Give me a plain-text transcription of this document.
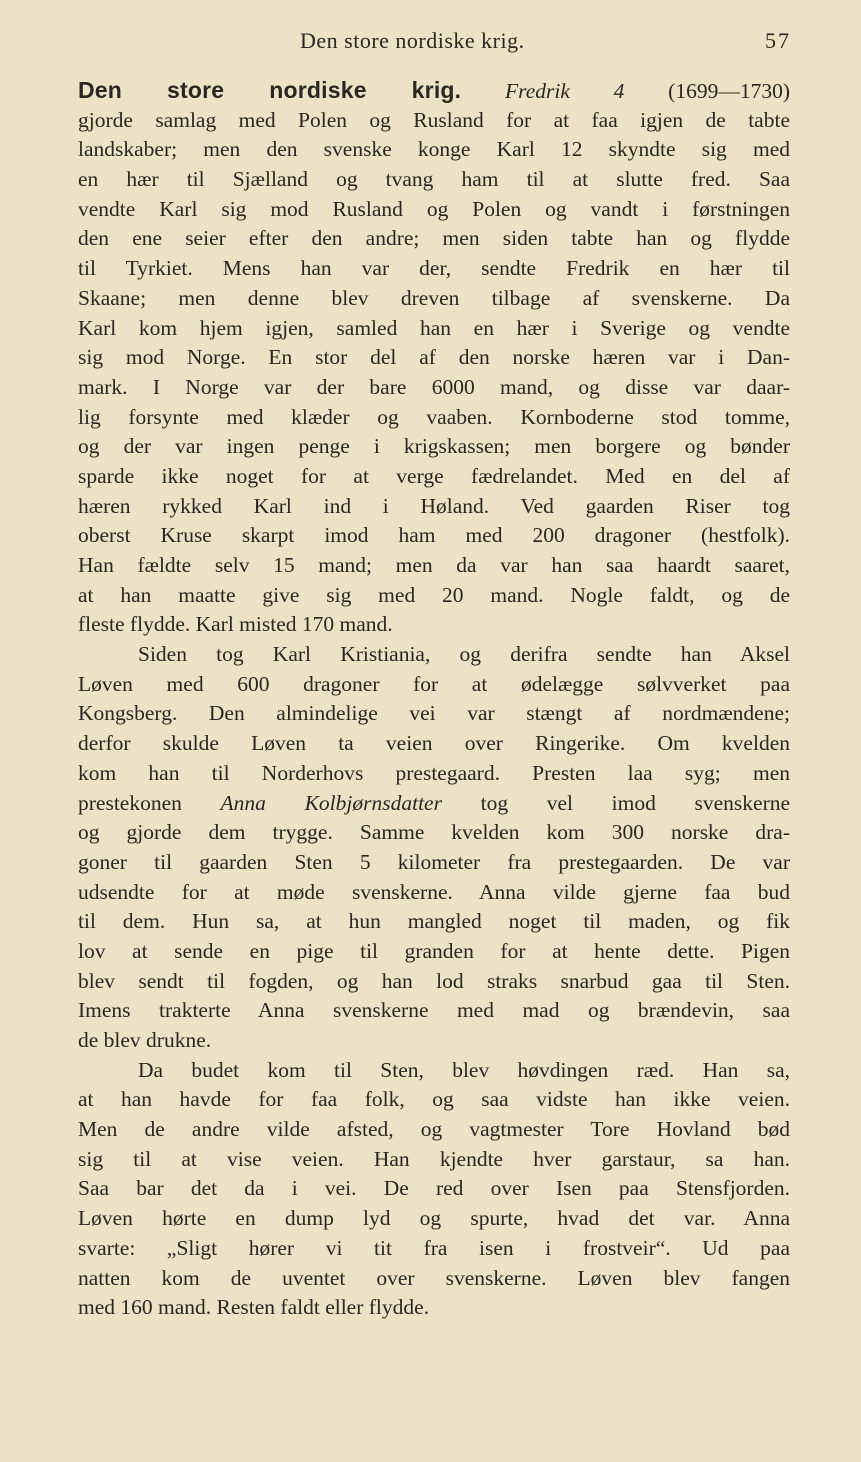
Den store nordiske krig.	57
Den store nordiske krig. Fredrik 4 (1699—1730)
gjorde samlag med Polen og Rusland for at faa igjen de tabte
landskaber; men den svenske konge Karl 12 skyndte sig med
en hær til Sjælland og tvang ham til at slutte fred. Saa
vendte Karl sig mod Rusland og Polen og vandt i førstningen
den ene seier efter den andre; men siden tabte han og flydde
til Tyrkiet. Mens han var der, sendte Fredrik en hær til
Skaane; men denne blev dreven tilbage af svenskerne. Da
Karl kom hjem igjen, samled han en hær i Sverige og vendte
sig mod Norge. En stor del af den norske hæren var i Dan-
mark. I Norge var der bare 6000 mand, og disse var daar-
lig forsynte med klæder og vaaben. Kornboderne stod tomme,
og der var ingen penge i krigskassen; men borgere og bønder
sparde ikke noget for at verge fædrelandet. Med en del af
hæren rykked Karl ind i Høland. Ved gaarden Riser tog
oberst Kruse skarpt imod ham med 200 dragoner (hestfolk).
Han fældte selv 15 mand; men da var han saa haardt saaret,
at han maatte give sig med 20 mand. Nogle faldt, og de
fleste flydde. Karl misted 170 mand.
Siden tog Karl Kristiania, og derifra sendte han Aksel
Løven med 600 dragoner for at ødelægge sølvverket paa
Kongsberg. Den almindelige vei var stængt af nordmændene;
derfor skulde Løven ta veien over Ringerike. Om kvelden
kom han til Norderhovs prestegaard. Presten laa syg; men
prestekonen Anna Kolbjørnsdatter tog vel imod svenskerne
og gjorde dem trygge. Samme kvelden kom 300 norske dra-
goner til gaarden Sten 5 kilometer fra prestegaarden. De var
udsendte for at møde svenskerne. Anna vilde gjerne faa bud
til dem. Hun sa, at hun mangled noget til maden, og fik
lov at sende en pige til granden for at hente dette. Pigen
blev sendt til fogden, og han lod straks snarbud gaa til Sten.
Imens trakterte Anna svenskerne med mad og brændevin, saa
de blev drukne.
Da budet kom til Sten, blev høvdingen ræd. Han sa,
at han havde for faa folk, og saa vidste han ikke veien.
Men de andre vilde afsted, og vagtmester Tore Hovland bød
sig til at vise veien. Han kjendte hver garstaur, sa han.
Saa bar det da i vei. De red over Isen paa Stensfjorden.
Løven hørte en dump lyd og spurte, hvad det var. Anna
svarte: „Sligt hører vi tit fra isen i frostveir“. Ud paa
natten kom de uventet over svenskerne. Løven blev fangen
med 160 mand. Resten faldt eller flydde.
